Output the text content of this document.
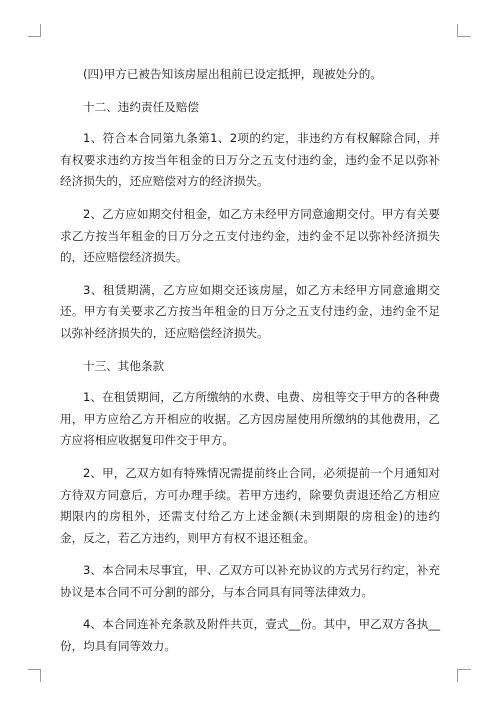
(四)甲方已被告知该房屋出租前已设定抵押，现被处分的。

十二、违约责任及赔偿

1、符合本合同第九条第1、2项的约定，非违约方有权解除合同，并有权要求违约方按当年租金的日万分之五支付违约金，违约金不足以弥补经济损失的，还应赔偿对方的经济损失。

2、乙方应如期交付租金，如乙方未经甲方同意逾期交付。甲方有关要求乙方按当年租金的日万分之五支付违约金，违约金不足以弥补经济损失的，还应赔偿经济损失。

3、租赁期满，乙方应如期交还该房屋，如乙方未经甲方同意逾期交还。甲方有关要求乙方按当年租金的日万分之五支付违约金，违约金不足以弥补经济损失的，还应赔偿经济损失。

十三、其他条款

1、在租赁期间，乙方所缴纳的水费、电费、房租等交于甲方的各种费用，甲方应给乙方开相应的收据。乙方因房屋使用所缴纳的其他费用，乙方应将相应收据复印件交于甲方。

2、甲，乙双方如有特殊情况需提前终止合同，必须提前一个月通知对方待双方同意后，方可办理手续。若甲方违约，除要负责退还给乙方相应期限内的房租外，还需支付给乙方上述金额(未到期限的房租金)的违约金，反之，若乙方违约，则甲方有权不退还租金。

3、本合同未尽事宜，甲、乙双方可以补充协议的方式另行约定，补充协议是本合同不可分割的部分，与本合同具有同等法律效力。

4、本合同连补充条款及附件共页，壹式__份。其中，甲乙双方各执__份，均具有同等效力。
